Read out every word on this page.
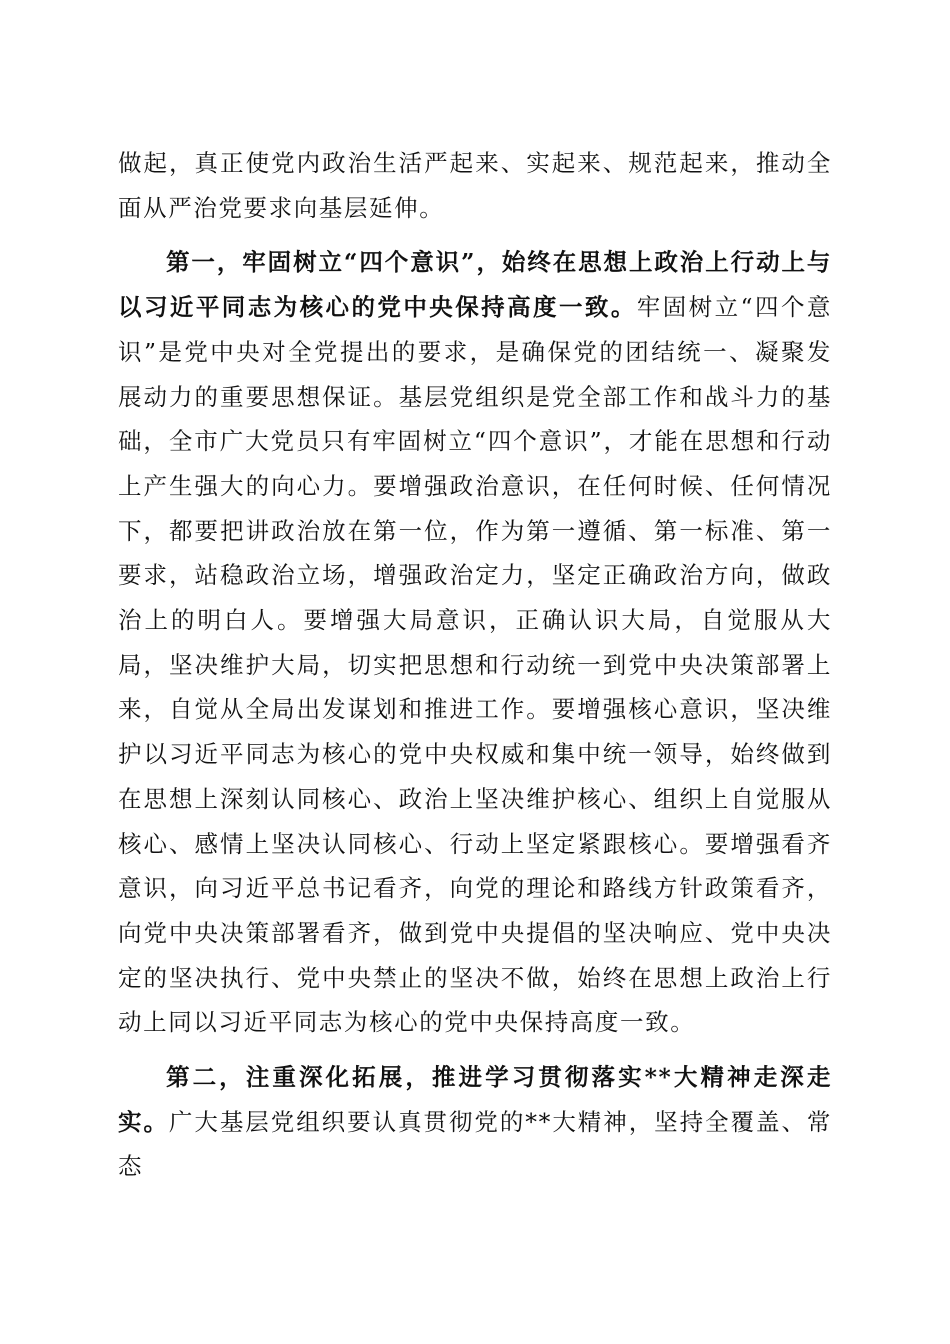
做起，真正使党内政治生活严起来、实起来、规范起来，推动全面从严治党要求向基层延伸。

第一，牢固树立“四个意识”，始终在思想上政治上行动上与以习近平同志为核心的党中央保持高度一致。牢固树立“四个意识”是党中央对全党提出的要求，是确保党的团结统一、凝聚发展动力的重要思想保证。基层党组织是党全部工作和战斗力的基础，全市广大党员只有牢固树立“四个意识”，才能在思想和行动上产生强大的向心力。要增强政治意识，在任何时候、任何情况下，都要把讲政治放在第一位，作为第一遵循、第一标准、第一要求，站稳政治立场，增强政治定力，坚定正确政治方向，做政治上的明白人。要增强大局意识，正确认识大局，自觉服从大局，坚决维护大局，切实把思想和行动统一到党中央决策部署上来，自觉从全局出发谋划和推进工作。要增强核心意识，坚决维护以习近平同志为核心的党中央权威和集中统一领导，始终做到在思想上深刻认同核心、政治上坚决维护核心、组织上自觉服从核心、感情上坚决认同核心、行动上坚定紧跟核心。要增强看齐意识，向习近平总书记看齐，向党的理论和路线方针政策看齐，向党中央决策部署看齐，做到党中央提倡的坚决响应、党中央决定的坚决执行、党中央禁止的坚决不做，始终在思想上政治上行动上同以习近平同志为核心的党中央保持高度一致。

第二，注重深化拓展，推进学习贯彻落实**大精神走深走实。广大基层党组织要认真贯彻党的**大精神，坚持全覆盖、常态
